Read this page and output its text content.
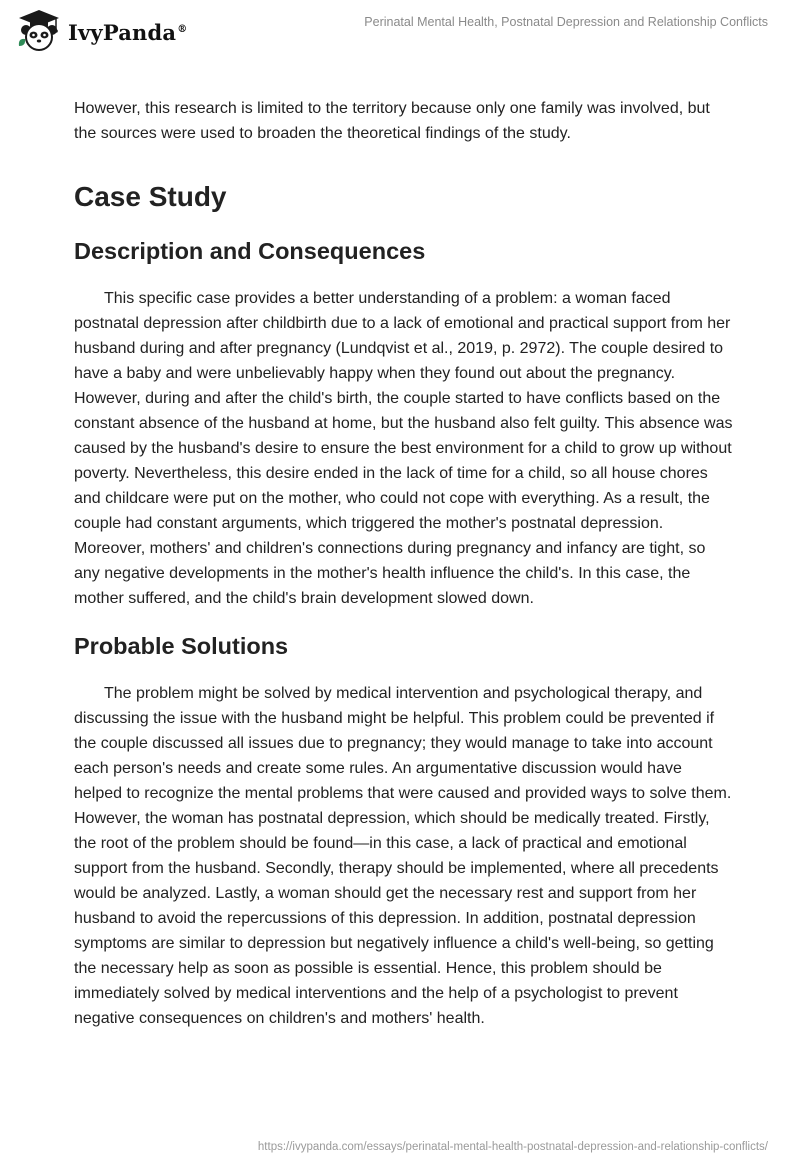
IvyPanda®	Perinatal Mental Health, Postnatal Depression and Relationship Conflicts

However, this research is limited to the territory because only one family was involved, but the sources were used to broaden the theoretical findings of the study.

Case Study
Description and Consequences

This specific case provides a better understanding of a problem: a woman faced postnatal depression after childbirth due to a lack of emotional and practical support from her husband during and after pregnancy (Lundqvist et al., 2019, p. 2972). The couple desired to have a baby and were unbelievably happy when they found out about the pregnancy. However, during and after the child's birth, the couple started to have conflicts based on the constant absence of the husband at home, but the husband also felt guilty. This absence was caused by the husband's desire to ensure the best environment for a child to grow up without poverty. Nevertheless, this desire ended in the lack of time for a child, so all house chores and childcare were put on the mother, who could not cope with everything. As a result, the couple had constant arguments, which triggered the mother's postnatal depression. Moreover, mothers' and children's connections during pregnancy and infancy are tight, so any negative developments in the mother's health influence the child's. In this case, the mother suffered, and the child's brain development slowed down.

Probable Solutions

The problem might be solved by medical intervention and psychological therapy, and discussing the issue with the husband might be helpful. This problem could be prevented if the couple discussed all issues due to pregnancy; they would manage to take into account each person's needs and create some rules. An argumentative discussion would have helped to recognize the mental problems that were caused and provided ways to solve them. However, the woman has postnatal depression, which should be medically treated. Firstly, the root of the problem should be found—in this case, a lack of practical and emotional support from the husband. Secondly, therapy should be implemented, where all precedents would be analyzed. Lastly, a woman should get the necessary rest and support from her husband to avoid the repercussions of this depression. In addition, postnatal depression symptoms are similar to depression but negatively influence a child's well-being, so getting the necessary help as soon as possible is essential. Hence, this problem should be immediately solved by medical interventions and the help of a psychologist to prevent negative consequences on children's and mothers' health.

https://ivypanda.com/essays/perinatal-mental-health-postnatal-depression-and-relationship-conflicts/
